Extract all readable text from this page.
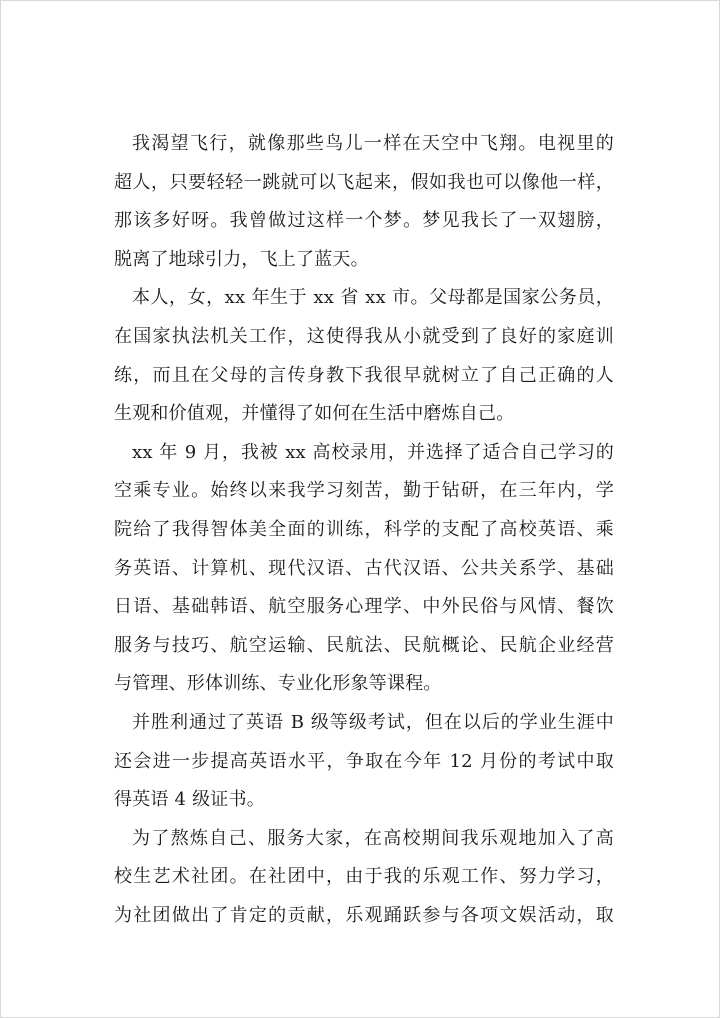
我渴望飞行，就像那些鸟儿一样在天空中飞翔。电视里的
超人，只要轻轻一跳就可以飞起来，假如我也可以像他一样，
那该多好呀。我曾做过这样一个梦。梦见我长了一双翅膀，
脱离了地球引力，飞上了蓝天。
本人，女，xx 年生于 xx 省 xx 市。父母都是国家公务员，
在国家执法机关工作，这使得我从小就受到了良好的家庭训
练，而且在父母的言传身教下我很早就树立了自己正确的人
生观和价值观，并懂得了如何在生活中磨炼自己。
xx 年 9 月，我被 xx 高校录用，并选择了适合自己学习的
空乘专业。始终以来我学习刻苦，勤于钻研，在三年内，学
院给了我得智体美全面的训练，科学的支配了高校英语、乘
务英语、计算机、现代汉语、古代汉语、公共关系学、基础
日语、基础韩语、航空服务心理学、中外民俗与风情、餐饮
服务与技巧、航空运输、民航法、民航概论、民航企业经营
与管理、形体训练、专业化形象等课程。
并胜利通过了英语 B 级等级考试，但在以后的学业生涯中
还会进一步提高英语水平，争取在今年 12 月份的考试中取
得英语 4 级证书。
为了熬炼自己、服务大家，在高校期间我乐观地加入了高
校生艺术社团。在社团中，由于我的乐观工作、努力学习，
为社团做出了肯定的贡献，乐观踊跃参与各项文娱活动，取
